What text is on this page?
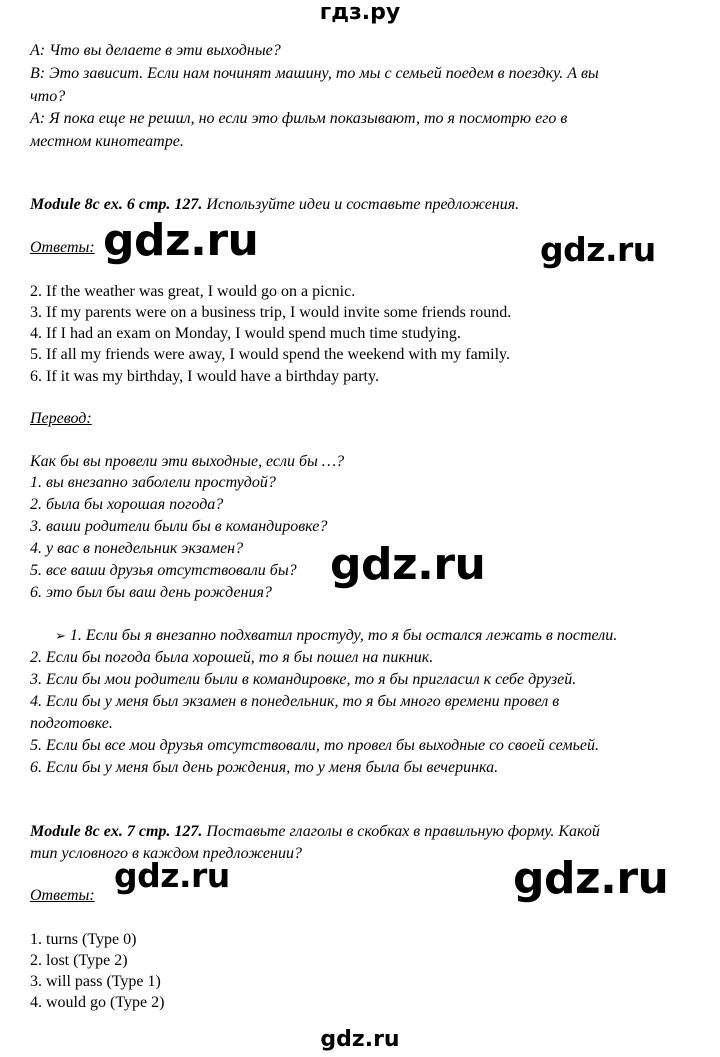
гдз.ру
A: Что вы делаете в эти выходные?
B: Это зависит. Если нам починят машину, то мы с семьей поедем в поездку. А вы
что?
A: Я пока еще не решил, но если это фильм показывают, то я посмотрю его в
местном кинотеатре.
Module 8c ex. 6 стр. 127. Используйте идеи и составьте предложения.
Ответы: gdz.ru	gdz.ru
gdz.ru
gdz.ru	gdz.ru
2. If the weather was great, I would go on a picnic.
3. If my parents were on a business trip, I would invite some friends round.
4. If I had an exam on Monday, I would spend much time studying.
5. If all my friends were away, I would spend the weekend with my family.
6. If it was my birthday, I would have a birthday party.
Перевод:
Как бы вы провели эти выходные, если бы …?
1. вы внезапно заболели простудой?
2. была бы хорошая погода?
3. ваши родители были бы в командировке?
4. у вас в понедельник экзамен?
5. все ваши друзья отсутствовали бы?
6. это был бы ваш день рождения?
➢ 1. Если бы я внезапно подхватил простуду, то я бы остался лежать в постели.
2. Если бы погода была хорошей, то я бы пошел на пикник.
3. Если бы мои родители были в командировке, то я бы пригласил к себе друзей.
4. Если бы у меня был экзамен в понедельник, то я бы много времени провел в
подготовке.
5. Если бы все мои друзья отсутствовали, то провел бы выходные со своей семьей.
6. Если бы у меня был день рождения, то у меня была бы вечеринка.
Module 8c ex. 7 стр. 127. Поставьте глаголы в скобках в правильную форму. Какой
тип условного в каждом предложении?
Ответы:
1. turns (Type 0)
2. lost (Type 2)
3. will pass (Type 1)
4. would go (Type 2)
gdz.ru
